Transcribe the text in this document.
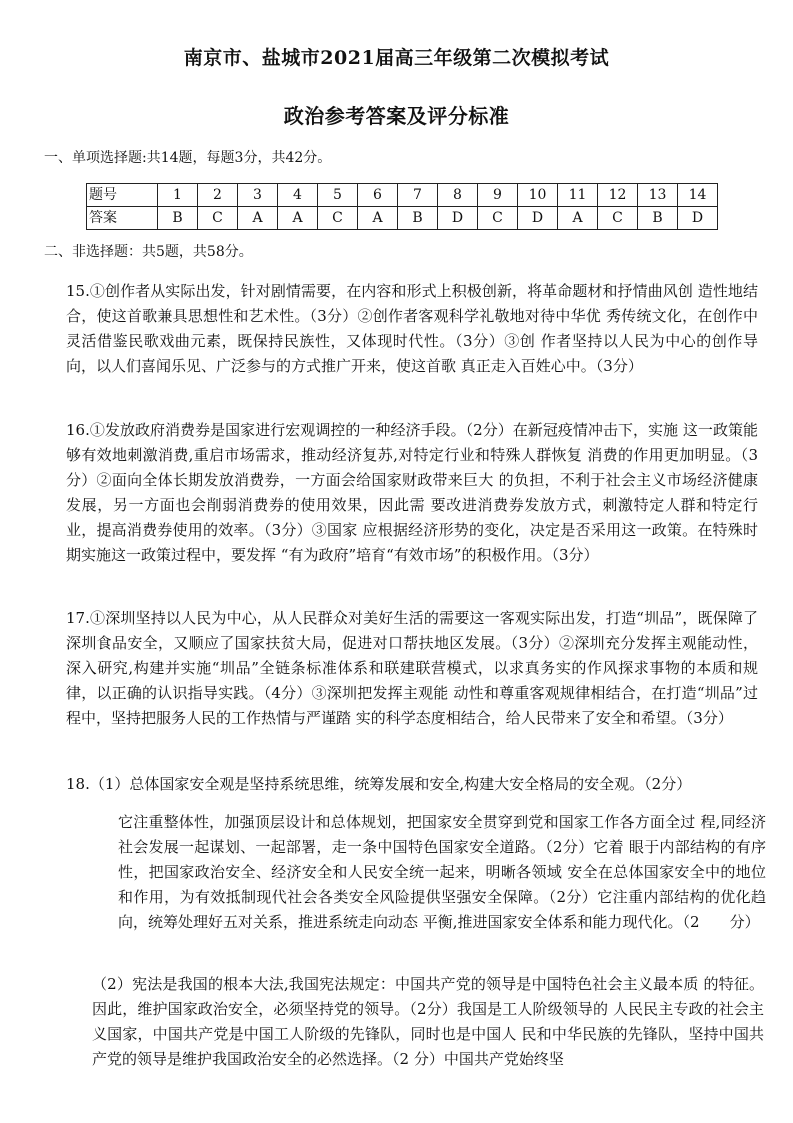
南京市、盐城市2021届高三年级第二次模拟考试
政治参考答案及评分标准
一、单项选择题:共14题，每题3分，共42分。
题号	1	2	3	4	5	6	7	8	9	10	11	12	13	14
答案	B	C	A	A	C	A	B	D	C	D	A	C	B	D
二、非选择题：共5题，共58分。
15.①创作者从实际出发，针对剧情需要，在内容和形式上积极创新，将革命题材和抒情曲风创 造性地结合，使这首歌兼具思想性和艺术性。（3分）②创作者客观科学礼敬地对待中华优 秀传统文化，在创作中灵活借鉴民歌戏曲元素，既保持民族性，又体现时代性。（3分）③创 作者坚持以人民为中心的创作导向，以人们喜闻乐见、广泛参与的方式推广开来，使这首歌 真正走入百姓心中。（3分）
16.①发放政府消费券是国家进行宏观调控的一种经济手段。（2分）在新冠疫情冲击下，实施 这一政策能够有效地刺激消费,重启市场需求，推动经济复苏,对特定行业和特殊人群恢复 消费的作用更加明显。（3分）②面向全体长期发放消费券，一方面会给国家财政带来巨大 的负担，不利于社会主义市场经济健康发展，另一方面也会削弱消费券的使用效果，因此需 要改进消费券发放方式，刺激特定人群和特定行业，提高消费券使用的效率。（3分）③国家 应根据经济形势的变化，决定是否采用这一政策。在特殊时期实施这一政策过程中，要发挥 “有为政府”培育“有效市场”的积极作用。（3分）
17.①深圳坚持以人民为中心，从人民群众对美好生活的需要这一客观实际出发，打造“圳品”，既保障了深圳食品安全，又顺应了国家扶贫大局，促进对口帮扶地区发展。（3分）②深圳充分发挥主观能动性，深入研究,构建并实施“圳品”全链条标准体系和联建联营模式，以求真务实的作风探求事物的本质和规律，以正确的认识指导实践。（4分）③深圳把发挥主观能 动性和尊重客观规律相结合，在打造“圳品”过程中，坚持把服务人民的工作热情与严谨踏 实的科学态度相结合，给人民带来了安全和希望。（3分）
18.（1）总体国家安全观是坚持系统思维，统筹发展和安全,构建大安全格局的安全观。（2分）
它注重整体性，加强顶层设计和总体规划，把国家安全贯穿到党和国家工作各方面全过 程,同经济社会发展一起谋划、一起部署，走一条中国特色国家安全道路。（2分）它着 眼于内部结构的有序性，把国家政治安全、经济安全和人民安全统一起来，明晰各领域 安全在总体国家安全中的地位和作用，为有效抵制现代社会各类安全风险提供坚强安全保障。（2分）它注重内部结构的优化趋向，统筹处理好五对关系，推进系统走向动态 平衡,推进国家安全体系和能力现代化。（2　　分）
（2）宪法是我国的根本大法,我国宪法规定：中国共产党的领导是中国特色社会主义最本质 的特征。因此，维护国家政治安全，必须坚持党的领导。（2分）我国是工人阶级领导的 人民民主专政的社会主义国家，中国共产党是中国工人阶级的先锋队，同时也是中国人 民和中华民族的先锋队，坚持中国共产党的领导是维护我国政治安全的必然选择。（2 分）中国共产党始终坚
